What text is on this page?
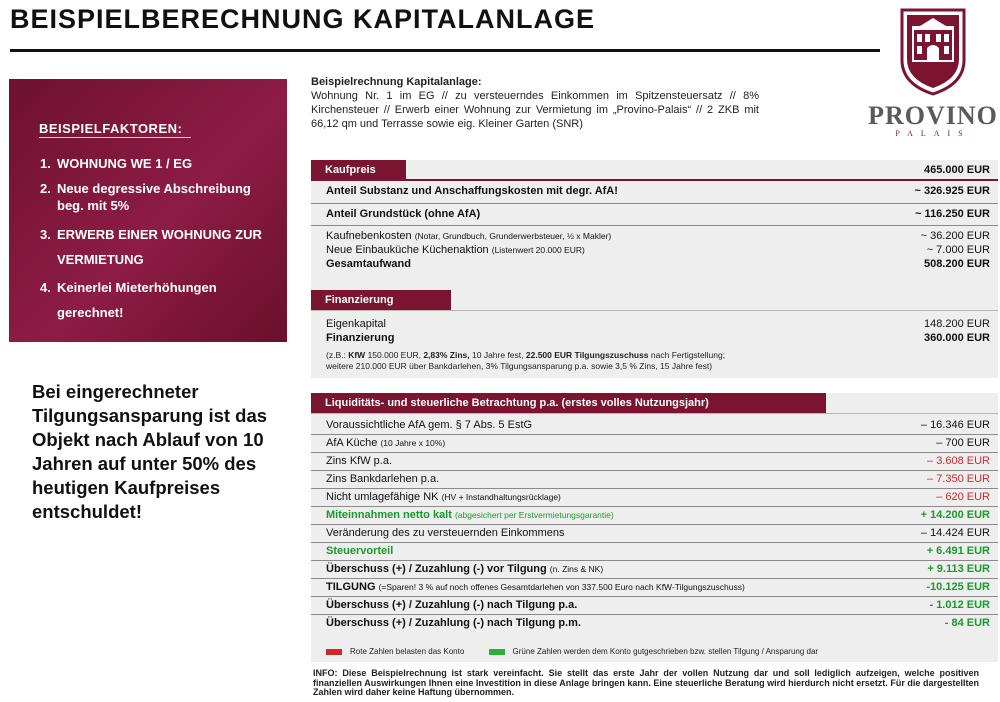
BEISPIELBERECHNUNG KAPITALANLAGE
PROVINO
PALAIS
BEISPIELFAKTOREN:
1. WOHNUNG WE 1 / EG
2. Neue degressive Abschreibung beg. mit 5%
3. ERWERB EINER WOHNUNG ZUR VERMIETUNG
4. Keinerlei Mieterhöhungen gerechnet!
Bei eingerechneter Tilgungsansparung ist das Objekt nach Ablauf von 10 Jahren auf unter 50% des heutigen Kaufpreises entschuldet!
Beispielrechnung Kapitalanlage:
Wohnung Nr. 1 im EG // zu versteuerndes Einkommen im Spitzensteuersatz // 8% Kirchensteuer // Erwerb einer Wohnung zur Vermietung im „Provino-Palais“ // 2 ZKB mit 66,12 qm und Terrasse sowie eig. Kleiner Garten (SNR)
Kaufpreis	465.000 EUR
Anteil Substanz und Anschaffungskosten mit degr. AfA!	~ 326.925 EUR
Anteil Grundstück (ohne AfA)	~ 116.250 EUR
Kaufnebenkosten (Notar, Grundbuch, Grunderwerbsteuer, ½ x Makler)	~ 36.200 EUR
Neue Einbauküche Küchenaktion (Listenwert 20.000 EUR)	~ 7.000 EUR
Gesamtaufwand	508.200 EUR
Finanzierung
Eigenkapital	148.200 EUR
Finanzierung	360.000 EUR
(z.B.: KfW 150.000 EUR, 2,83% Zins, 10 Jahre fest, 22.500 EUR Tilgungszuschuss nach Fertigstellung;
weitere 210.000 EUR über Bankdarlehen, 3% Tilgungsansparung p.a. sowie 3,5 % Zins, 15 Jahre fest)
Liquiditäts- und steuerliche Betrachtung p.a. (erstes volles Nutzungsjahr)
Voraussichtliche AfA gem. § 7 Abs. 5 EstG	– 16.346 EUR
AfA Küche (10 Jahre x 10%)	– 700 EUR
Zins KfW p.a.	– 3.608 EUR
Zins Bankdarlehen p.a.	– 7.350 EUR
Nicht umlagefähige NK (HV + Instandhaltungsrücklage)	– 620 EUR
Miteinnahmen netto kalt (abgesichert per Erstvermietungsgarantie)	+ 14.200 EUR
Veränderung des zu versteuernden Einkommens	– 14.424 EUR
Steuervorteil	+ 6.491 EUR
Überschuss (+) / Zuzahlung (-) vor Tilgung (n. Zins & NK)	+ 9.113 EUR
TILGUNG (=Sparen! 3 % auf noch offenes Gesamtdarlehen von 337.500 Euro nach KfW-Tilgungszuschuss)	-10.125 EUR
Überschuss (+) / Zuzahlung (-) nach Tilgung p.a.	- 1.012 EUR
Überschuss (+) / Zuzahlung (-) nach Tilgung p.m.	- 84 EUR
Rote Zahlen belasten das Konto	Grüne Zahlen werden dem Konto gutgeschrieben bzw. stellen Tilgung / Ansparung dar
INFO: Diese Beispielrechnung ist stark vereinfacht. Sie stellt das erste Jahr der vollen Nutzung dar und soll lediglich aufzeigen, welche positiven finanziellen Auswirkungen Ihnen eine Investition in diese Anlage bringen kann. Eine steuerliche Beratung wird hierdurch nicht ersetzt. Für die dargestellten Zahlen wird daher keine Haftung übernommen.
